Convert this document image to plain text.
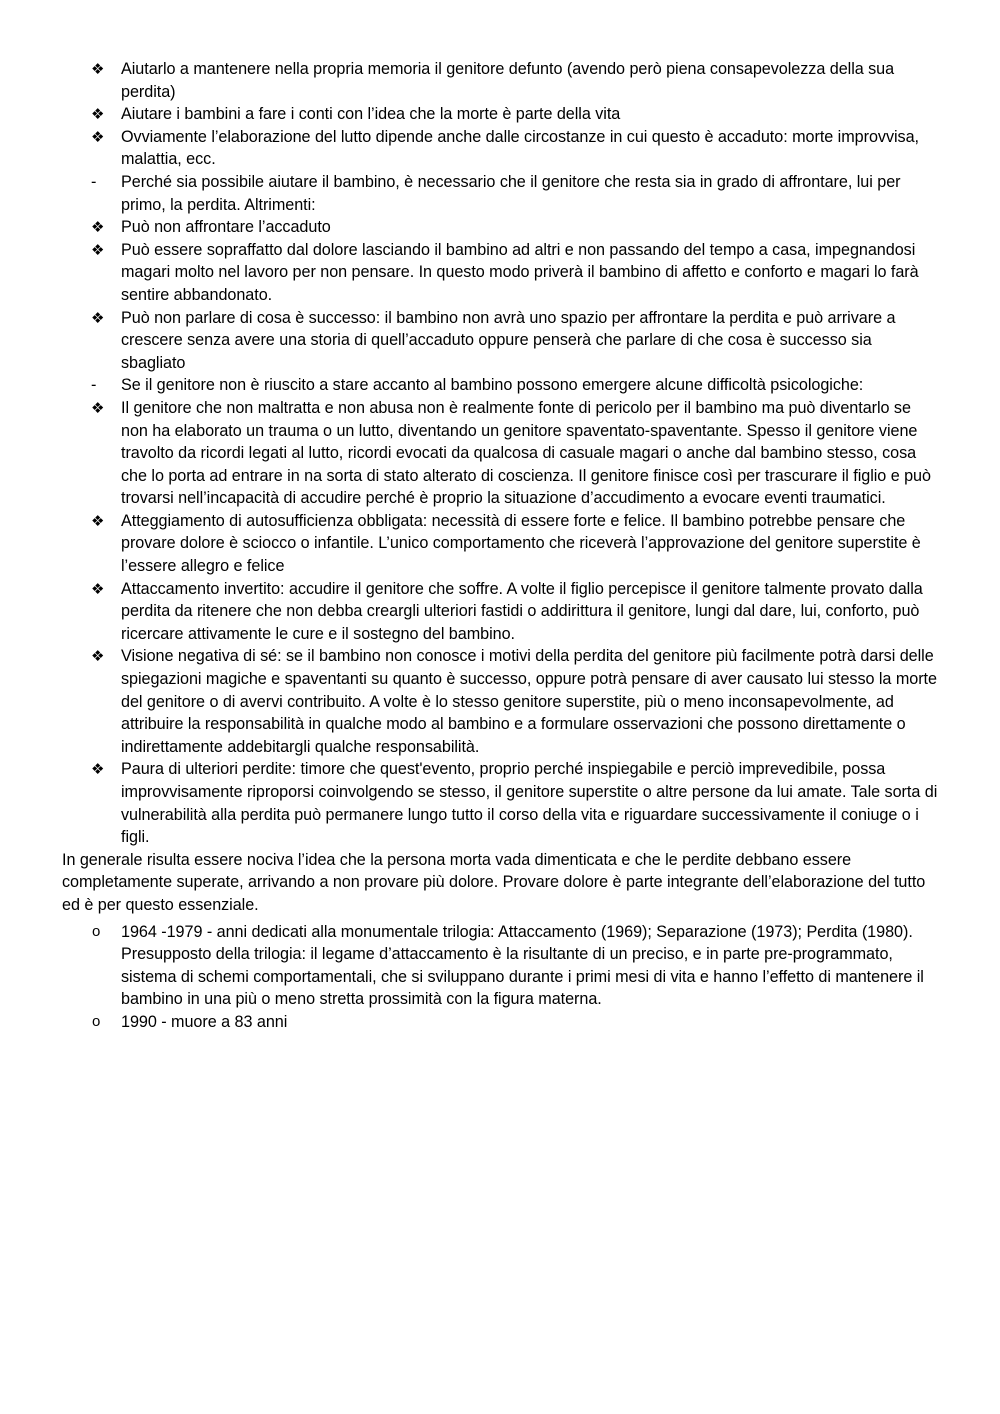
❖ Aiutarlo a mantenere nella propria memoria il genitore defunto (avendo però piena consapevolezza della sua perdita)
❖ Aiutare i bambini a fare i conti con l’idea che la morte è parte della vita
❖ Ovviamente l’elaborazione del lutto dipende anche dalle circostanze in cui questo è accaduto: morte improvvisa, malattia, ecc.
- Perché sia possibile aiutare il bambino, è necessario che il genitore che resta sia in grado di affrontare, lui per primo, la perdita. Altrimenti:
❖ Può non affrontare l’accaduto
❖ Può essere sopraffatto dal dolore lasciando il bambino ad altri e non passando del tempo a casa, impegnandosi magari molto nel lavoro per non pensare. In questo modo priverà il bambino di affetto e conforto e magari lo farà sentire abbandonato.
❖ Può non parlare di cosa è successo: il bambino non avrà uno spazio per affrontare la perdita e può arrivare a crescere senza avere una storia di quell’accaduto oppure penserà che parlare di che cosa è successo sia sbagliato
- Se il genitore non è riuscito a stare accanto al bambino possono emergere alcune difficoltà psicologiche:
❖ Il genitore che non maltratta e non abusa non è realmente fonte di pericolo per il bambino ma può diventarlo se non ha elaborato un trauma o un lutto, diventando un genitore spaventato-spaventante. Spesso il genitore viene travolto da ricordi legati al lutto, ricordi evocati da qualcosa di casuale magari o anche dal bambino stesso, cosa che lo porta ad entrare in na sorta di stato alterato di coscienza. Il genitore finisce così per trascurare il figlio e può trovarsi nell’incapacità di accudire perché è proprio la situazione d’accudimento a evocare eventi traumatici.
❖ Atteggiamento di autosufficienza obbligata: necessità di essere forte e felice. Il bambino potrebbe pensare che provare dolore è sciocco o infantile. L’unico comportamento che riceverà l’approvazione del genitore superstite è l’essere allegro e felice
❖ Attaccamento invertito: accudire il genitore che soffre. A volte il figlio percepisce il genitore talmente provato dalla perdita da ritenere che non debba creargli ulteriori fastidi o addirittura il genitore, lungi dal dare, lui, conforto, può ricercare attivamente le cure e il sostegno del bambino.
❖ Visione negativa di sé: se il bambino non conosce i motivi della perdita del genitore più facilmente potrà darsi delle spiegazioni magiche e spaventanti su quanto è successo, oppure potrà pensare di aver causato lui stesso la morte del genitore o di avervi contribuito. A volte è lo stesso genitore superstite, più o meno inconsapevolmente, ad attribuire la responsabilità in qualche modo al bambino e a formulare osservazioni che possono direttamente o indirettamente addebitargli qualche responsabilità.
❖ Paura di ulteriori perdite: timore che quest'evento, proprio perché inspiegabile e perciò imprevedibile, possa improvvisamente riproporsi coinvolgendo se stesso, il genitore superstite o altre persone da lui amate. Tale sorta di vulnerabilità alla perdita può permanere lungo tutto il corso della vita e riguardare successivamente il coniuge o i figli.

In generale risulta essere nociva l’idea che la persona morta vada dimenticata e che le perdite debbano essere completamente superate, arrivando a non provare più dolore. Provare dolore è parte integrante dell’elaborazione del tutto ed è per questo essenziale.

o 1964 -1979 ‑ anni dedicati alla monumentale trilogia: Attaccamento (1969); Separazione (1973); Perdita (1980). Presupposto della trilogia: il legame d’attaccamento è la risultante di un preciso, e in parte pre-programmato, sistema di schemi comportamentali, che si sviluppano durante i primi mesi di vita e hanno l’effetto di mantenere il bambino in una più o meno stretta prossimità con la figura materna.
o 1990 - muore a 83 anni
